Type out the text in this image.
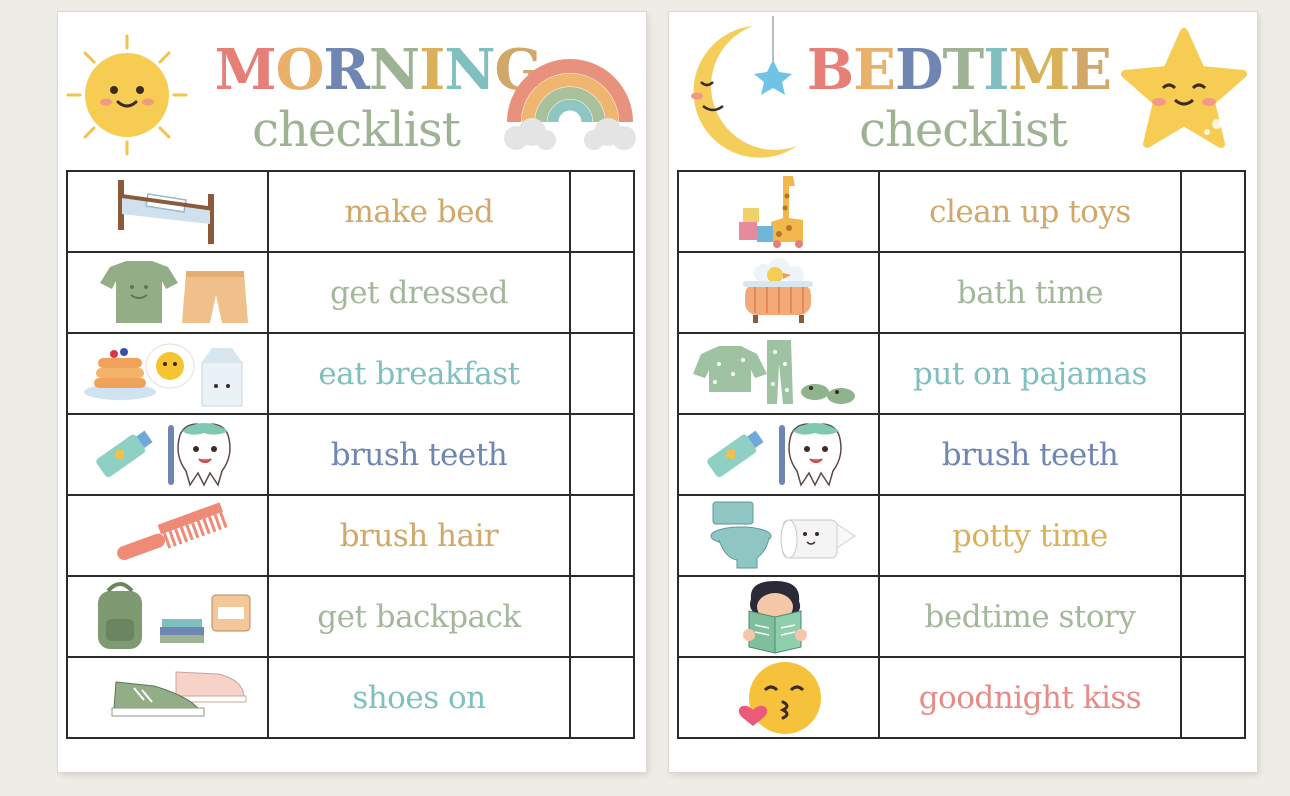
MORNING
checklist
	make bed	

	get dressed	

	eat breakfast	

	brush teeth	

	brush hair	

	get backpack	

	shoes on	
BEDTIME
checklist
	clean up toys	

	bath time	

	put on pajamas	

	brush teeth	

	potty time	

	bedtime story	

	goodnight kiss	
